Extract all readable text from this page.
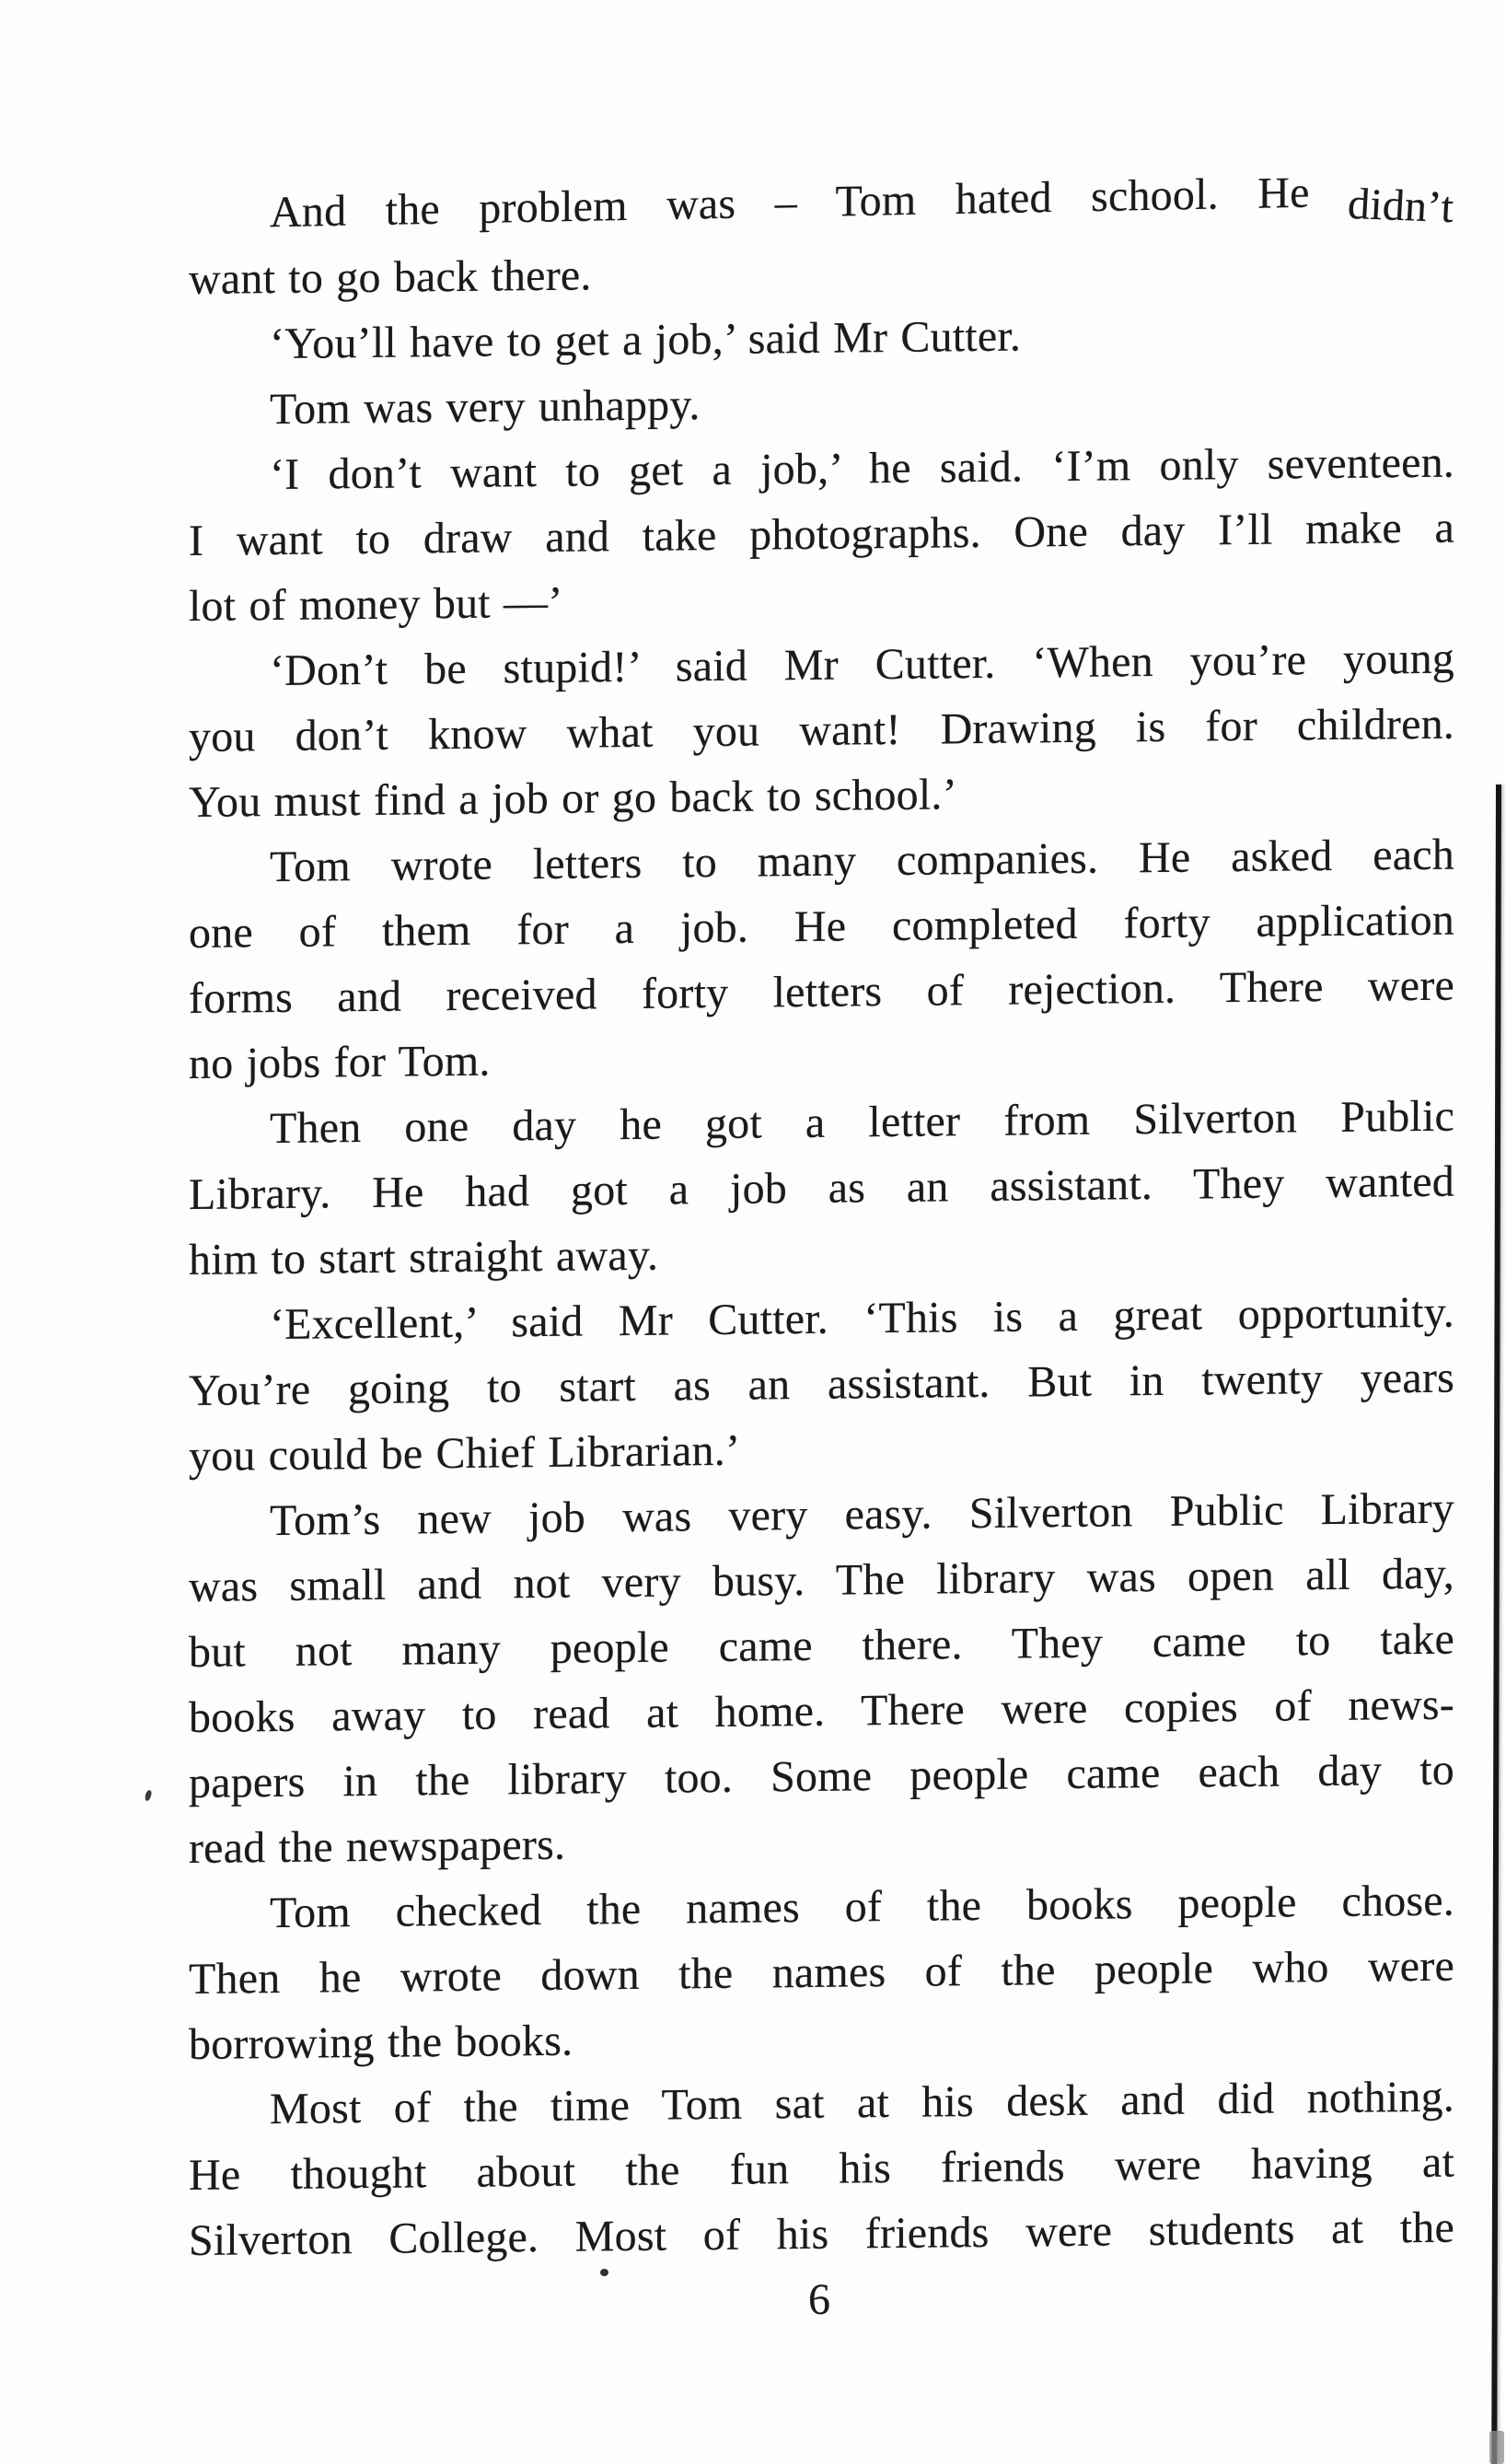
And the problem was – Tom hated school. He didn’t
want to go back there.
‘You’ll have to get a job,’ said Mr Cutter.
Tom was very unhappy.
‘I don’t want to get a job,’ he said. ‘I’m only seventeen.
I want to draw and take photographs. One day I’ll make a
lot of money but —’
‘Don’t be stupid!’ said Mr Cutter. ‘When you’re young
you don’t know what you want! Drawing is for children.
You must find a job or go back to school.’
Tom wrote letters to many companies. He asked each
one of them for a job. He completed forty application
forms and received forty letters of rejection. There were
no jobs for Tom.
Then one day he got a letter from Silverton Public
Library. He had got a job as an assistant. They wanted
him to start straight away.
‘Excellent,’ said Mr Cutter. ‘This is a great opportunity.
You’re going to start as an assistant. But in twenty years
you could be Chief Librarian.’
Tom’s new job was very easy. Silverton Public Library
was small and not very busy. The library was open all day,
but not many people came there. They came to take
books away to read at home. There were copies of news-
papers in the library too. Some people came each day to
read the newspapers.
Tom checked the names of the books people chose.
Then he wrote down the names of the people who were
borrowing the books.
Most of the time Tom sat at his desk and did nothing.
He thought about the fun his friends were having at
Silverton College. Most of his friends were students at the
6
